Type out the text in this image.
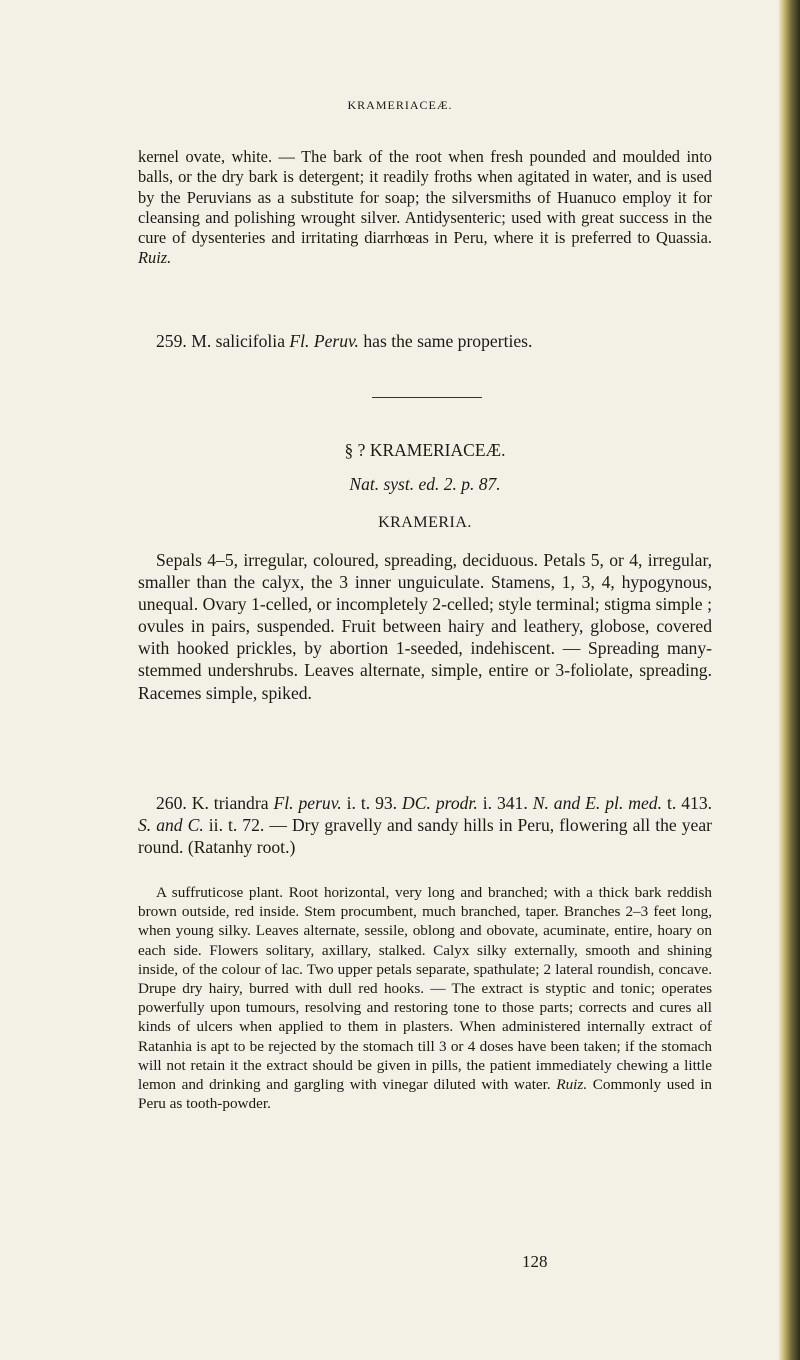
KRAMERIACEÆ.

kernel ovate, white. — The bark of the root when fresh pounded and moulded into balls, or the dry bark is detergent; it readily froths when agitated in water, and is used by the Peruvians as a substitute for soap; the silversmiths of Huanuco employ it for cleansing and polishing wrought silver. Antidysenteric; used with great success in the cure of dysenteries and irritating diarrhœas in Peru, where it is preferred to Quassia. Ruiz.

259. M. salicifolia Fl. Peruv. has the same properties.

§ ? KRAMERIACEÆ.
Nat. syst. ed. 2. p. 87.
KRAMERIA.

Sepals 4–5, irregular, coloured, spreading, deciduous. Petals 5, or 4, irregular, smaller than the calyx, the 3 inner unguiculate. Stamens, 1, 3, 4, hypogynous, unequal. Ovary 1-celled, or incompletely 2-celled; style terminal; stigma simple ; ovules in pairs, suspended. Fruit between hairy and leathery, globose, covered with hooked prickles, by abortion 1-seeded, indehiscent. — Spreading many-stemmed undershrubs. Leaves alternate, simple, entire or 3-foliolate, spreading. Racemes simple, spiked.

260. K. triandra Fl. peruv. i. t. 93. DC. prodr. i. 341. N. and E. pl. med. t. 413. S. and C. ii. t. 72. — Dry gravelly and sandy hills in Peru, flowering all the year round. (Ratanhy root.)

A suffruticose plant. Root horizontal, very long and branched; with a thick bark reddish brown outside, red inside. Stem procumbent, much branched, taper. Branches 2–3 feet long, when young silky. Leaves alternate, sessile, oblong and obovate, acuminate, entire, hoary on each side. Flowers solitary, axillary, stalked. Calyx silky externally, smooth and shining inside, of the colour of lac. Two upper petals separate, spathulate; 2 lateral roundish, concave. Drupe dry hairy, burred with dull red hooks. — The extract is styptic and tonic; operates powerfully upon tumours, resolving and restoring tone to those parts; corrects and cures all kinds of ulcers when applied to them in plasters. When administered internally extract of Ratanhia is apt to be rejected by the stomach till 3 or 4 doses have been taken; if the stomach will not retain it the extract should be given in pills, the patient immediately chewing a little lemon and drinking and gargling with vinegar diluted with water. Ruiz. Commonly used in Peru as tooth-powder.

128
